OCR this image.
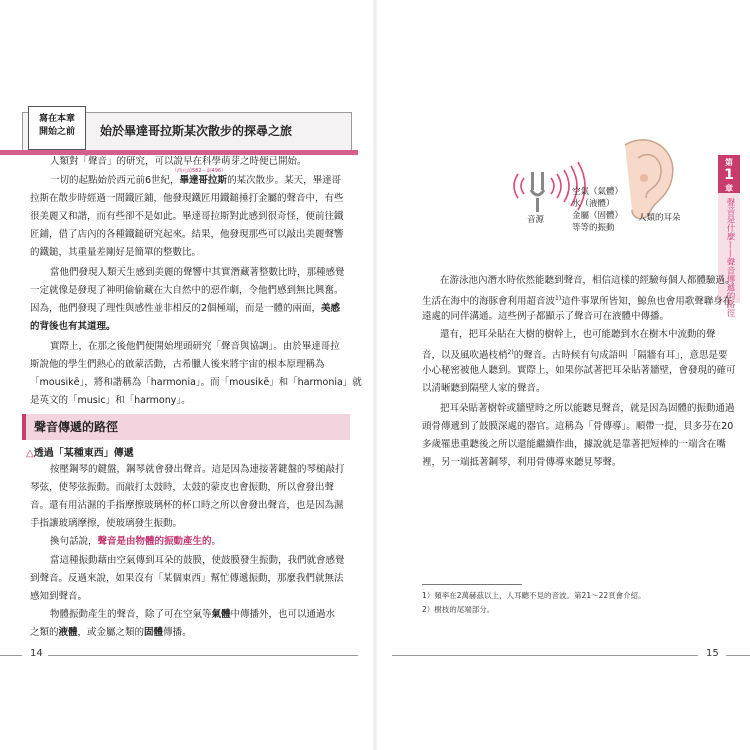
寫在本章
開始之前	始於畢達哥拉斯某次散步的探尋之旅

人類對「聲音」的研究，可以說早在科學萌芽之時便已開始。

（西元前582－前496）

一切的起點始於西元前6世紀，畢達哥拉斯的某次散步。某天，畢達哥

拉斯在散步時經過一間鐵匠鋪，他發現鐵匠用鐵鎚捶打金屬的聲音中，有些

很美麗又和諧，而有些卻不是如此。畢達哥拉斯對此感到很奇怪，便前往鐵

匠鋪，借了店內的各種鐵鎚研究起來。結果，他發現那些可以敲出美麗聲響

的鐵鎚，其重量差剛好是簡單的整數比。

當他們發現人類天生感到美麗的聲響中其實潛藏著整數比時，那種感覺

一定就像是發現了神明偷偷藏在大自然中的惡作劇，令他們感到無比興奮。

因為，他們發現了理性與感性並非相反的2個極端，而是一體的兩面，美感

的背後也有其道理。

實際上，在那之後他們便開始埋頭研究「聲音與協調」。由於畢達哥拉

斯說他的學生們熱心的啟蒙活動，古希臘人後來將宇宙的根本原理稱為

「mousikē」，將和諧稱為「harmonia」。而「mousikē」和「harmonia」就

是英文的「music」和「harmony」。

聲音傳遞的路徑
△透過「某種東西」傳遞

按壓鋼琴的鍵盤，鋼琴就會發出聲音。這是因為連接著鍵盤的琴槌敲打

琴弦，使琴弦振動。而敲打太鼓時，太鼓的蒙皮也會振動，所以會發出聲

音。還有用沾濕的手指摩擦玻璃杯的杯口時之所以會發出聲音，也是因為濕

手指讓玻璃摩擦，使玻璃發生振動。

換句話說，聲音是由物體的振動產生的。

當這種振動藉由空氣傳到耳朵的鼓膜，使鼓膜發生振動，我們就會感覺

到聲音。反過來說，如果沒有「某個東西」幫忙傳遞振動，那麼我們就無法

感知到聲音。

物體振動產生的聲音，除了可在空氣等氣體中傳播外，也可以通過水

之類的液體，或金屬之類的固體傳播。

14
第
1
章
聲音是什麼——聲音傳遞的路徑
音源
空氣（氣體）
水（液體）
金屬（固體）
等等的振動
人類的耳朵

在游泳池內潛水時依然能聽到聲音，相信這樣的經驗每個人都體驗過。

生活在海中的海豚會利用超音波$^{1)}$這件事眾所皆知，鯨魚也會用歌聲聯身在

遠處的同伴溝通。這些例子都顯示了聲音可在液體中傳播。

還有，把耳朵貼在大樹的樹幹上，也可能聽到水在樹木中流動的聲

音，以及風吹過枝梢$^{2)}$的聲音。古時候有句成語叫「隔牆有耳」，意思是要

小心秘密被他人聽到。實際上，如果你試著把耳朵貼著牆壁，會發現的確可

以清晰聽到隔壁人家的聲音。

把耳朵貼著樹幹或牆壁時之所以能聽見聲音，就是因為固體的振動通過

頭骨傳遞到了鼓膜深處的器官。這稱為「骨傳導」。順帶一提，貝多芬在20

多歲罹患重聽後之所以還能繼續作曲，據說就是靠著把短棒的一端含在嘴

裡，另一端抵著鋼琴，利用骨傳導來聽見琴聲。

1）頻率在2萬赫茲以上，人耳聽不見的音波。第21～22頁會介紹。
2）樹枝的尾端部分。
15
